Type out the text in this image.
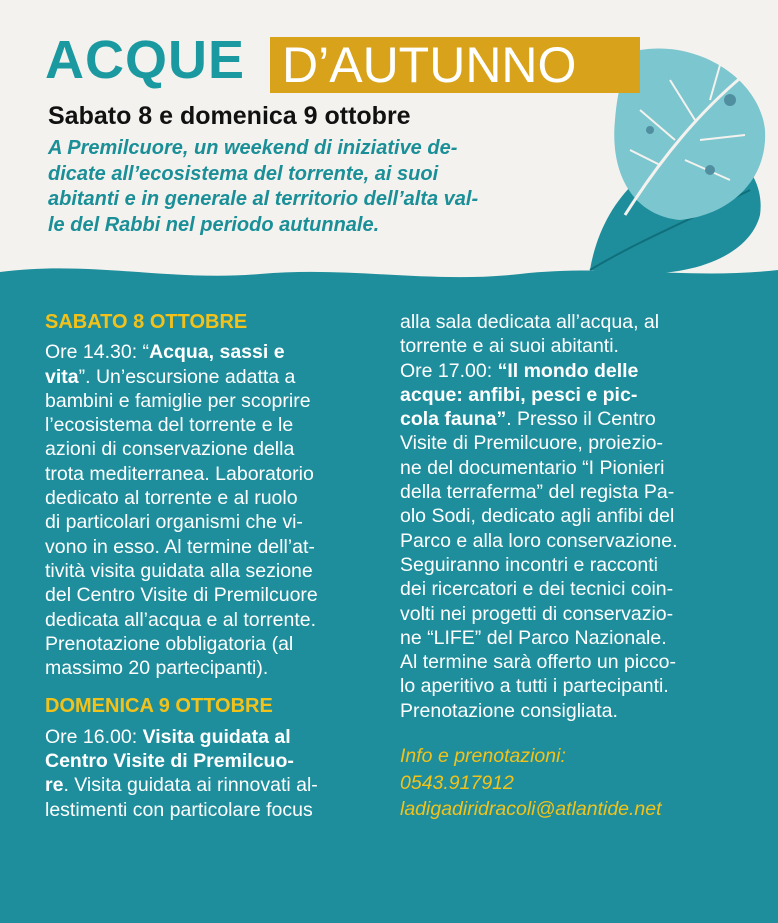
ACQUE D’AUTUNNO
Sabato 8 e domenica 9 ottobre
A Premilcuore, un weekend di iniziative de-
dicate all’ecosistema del torrente, ai suoi
abitanti e in generale al territorio dell’alta val-
le del Rabbi nel periodo autunnale.
SABATO 8 OTTOBRE
Ore 14.30: “Acqua, sassi e
vita”. Un’escursione adatta a
bambini e famiglie per scoprire
l’ecosistema del torrente e le
azioni di conservazione della
trota mediterranea. Laboratorio
dedicato al torrente e al ruolo
di particolari organismi che vi-
vono in esso. Al termine dell’at-
tività visita guidata alla sezione
del Centro Visite di Premilcuore
dedicata all’acqua e al torrente.
Prenotazione obbligatoria (al
massimo 20 partecipanti).
DOMENICA 9 OTTOBRE
Ore 16.00: Visita guidata al
Centro Visite di Premilcuo-
re. Visita guidata ai rinnovati al-
lestimenti con particolare focus
alla sala dedicata all’acqua, al
torrente e ai suoi abitanti.
Ore 17.00: “Il mondo delle
acque: anfibi, pesci e pic-
cola fauna”. Presso il Centro
Visite di Premilcuore, proiezio-
ne del documentario “I Pionieri
della terraferma” del regista Pa-
olo Sodi, dedicato agli anfibi del
Parco e alla loro conservazione.
Seguiranno incontri e racconti
dei ricercatori e dei tecnici coin-
volti nei progetti di conservazio-
ne “LIFE” del Parco Nazionale.
Al termine sarà offerto un picco-
lo aperitivo a tutti i partecipanti.
Prenotazione consigliata.
Info e prenotazioni:
0543.917912
ladigadiridracoli@atlantide.net
